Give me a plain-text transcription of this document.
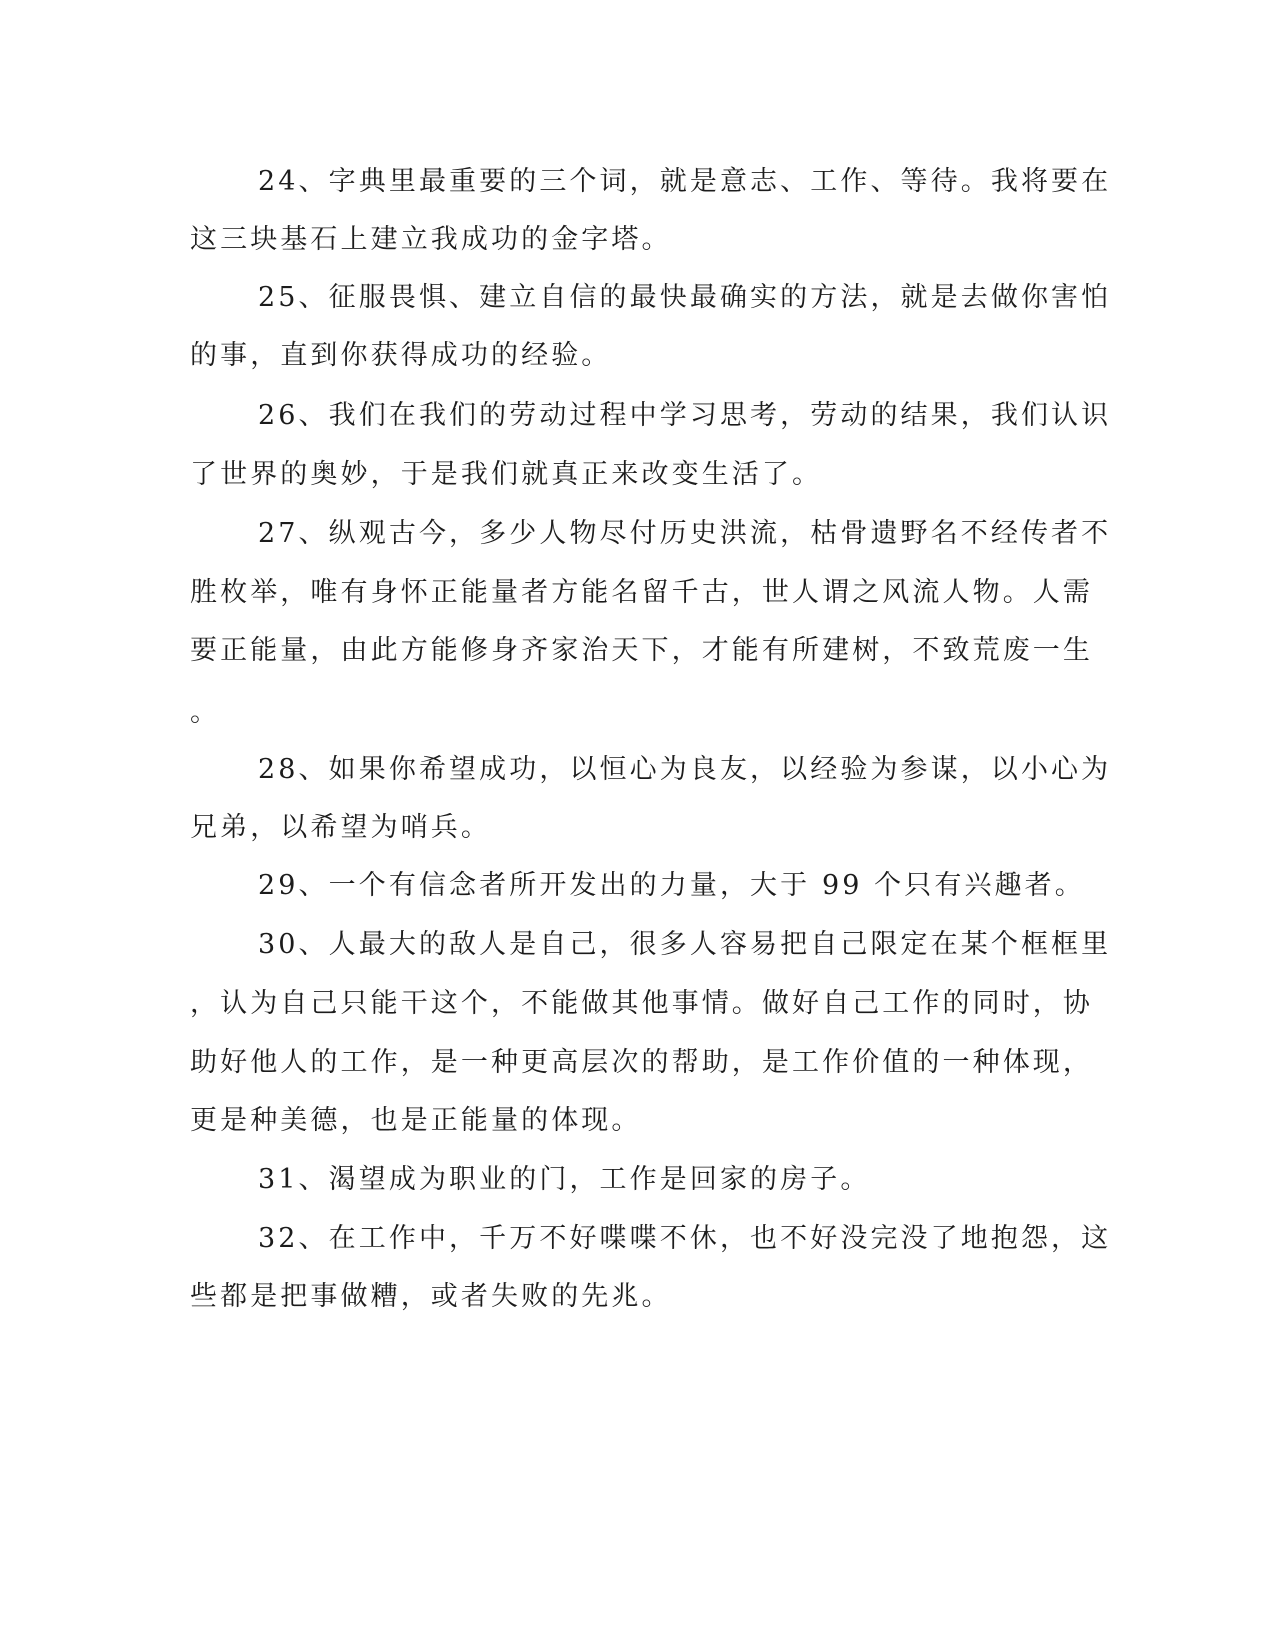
24、字典里最重要的三个词，就是意志、工作、等待。我将要在
这三块基石上建立我成功的金字塔。
25、征服畏惧、建立自信的最快最确实的方法，就是去做你害怕
的事，直到你获得成功的经验。
26、我们在我们的劳动过程中学习思考，劳动的结果，我们认识
了世界的奥妙，于是我们就真正来改变生活了。
27、纵观古今，多少人物尽付历史洪流，枯骨遗野名不经传者不
胜枚举，唯有身怀正能量者方能名留千古，世人谓之风流人物。人需
要正能量，由此方能修身齐家治天下，才能有所建树，不致荒废一生
。
28、如果你希望成功，以恒心为良友，以经验为参谋，以小心为
兄弟，以希望为哨兵。
29、一个有信念者所开发出的力量，大于 99 个只有兴趣者。
30、人最大的敌人是自己，很多人容易把自己限定在某个框框里
，认为自己只能干这个，不能做其他事情。做好自己工作的同时，协
助好他人的工作，是一种更高层次的帮助，是工作价值的一种体现，
更是种美德，也是正能量的体现。
31、渴望成为职业的门，工作是回家的房子。
32、在工作中，千万不好喋喋不休，也不好没完没了地抱怨，这
些都是把事做糟，或者失败的先兆。
